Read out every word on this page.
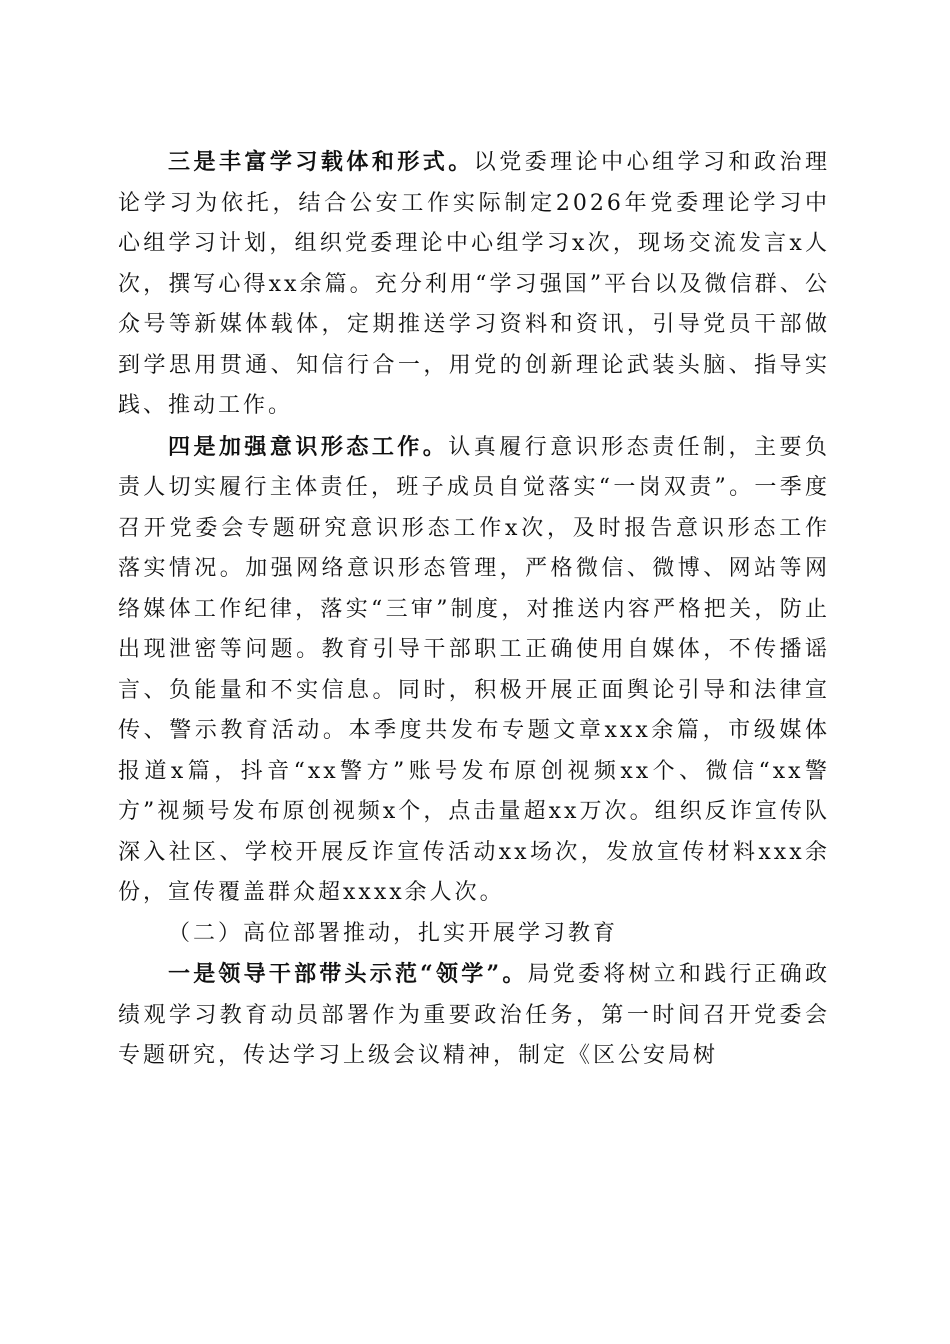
三是丰富学习载体和形式。以党委理论中心组学习和政治理论学习为依托，结合公安工作实际制定2026年党委理论学习中心组学习计划，组织党委理论中心组学习x次，现场交流发言x人次，撰写心得xx余篇。充分利用“学习强国”平台以及微信群、公众号等新媒体载体，定期推送学习资料和资讯，引导党员干部做到学思用贯通、知信行合一，用党的创新理论武装头脑、指导实践、推动工作。

四是加强意识形态工作。认真履行意识形态责任制，主要负责人切实履行主体责任，班子成员自觉落实“一岗双责”。一季度召开党委会专题研究意识形态工作x次，及时报告意识形态工作落实情况。加强网络意识形态管理，严格微信、微博、网站等网络媒体工作纪律，落实“三审”制度，对推送内容严格把关，防止出现泄密等问题。教育引导干部职工正确使用自媒体，不传播谣言、负能量和不实信息。同时，积极开展正面舆论引导和法律宣传、警示教育活动。本季度共发布专题文章xxx余篇，市级媒体报道x篇，抖音“xx警方”账号发布原创视频xx个、微信“xx警方”视频号发布原创视频x个，点击量超xx万次。组织反诈宣传队深入社区、学校开展反诈宣传活动xx场次，发放宣传材料xxx余份，宣传覆盖群众超xxxx余人次。

（二）高位部署推动，扎实开展学习教育

一是领导干部带头示范“领学”。局党委将树立和践行正确政绩观学习教育动员部署作为重要政治任务，第一时间召开党委会专题研究，传达学习上级会议精神，制定《区公安局树
